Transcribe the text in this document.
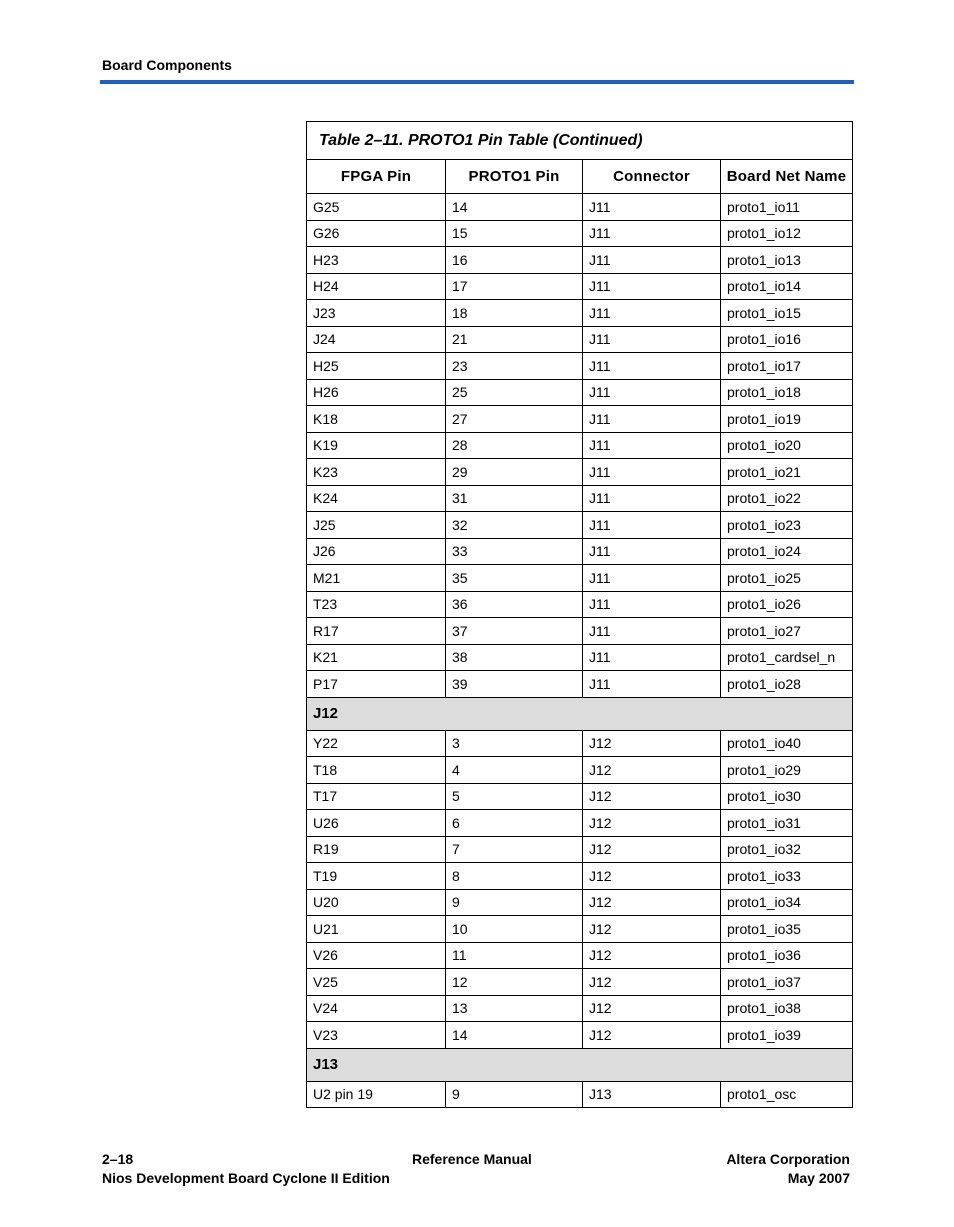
Board Components
Table 2–11. PROTO1 Pin Table (Continued)			
FPGA Pin	PROTO1 Pin	Connector	Board Net Name
G25	14	J11	proto1_io11
G26	15	J11	proto1_io12
H23	16	J11	proto1_io13
H24	17	J11	proto1_io14
J23	18	J11	proto1_io15
J24	21	J11	proto1_io16
H25	23	J11	proto1_io17
H26	25	J11	proto1_io18
K18	27	J11	proto1_io19
K19	28	J11	proto1_io20
K23	29	J11	proto1_io21
K24	31	J11	proto1_io22
J25	32	J11	proto1_io23
J26	33	J11	proto1_io24
M21	35	J11	proto1_io25
T23	36	J11	proto1_io26
R17	37	J11	proto1_io27
K21	38	J11	proto1_cardsel_n
P17	39	J11	proto1_io28
J12			
Y22	3	J12	proto1_io40
T18	4	J12	proto1_io29
T17	5	J12	proto1_io30
U26	6	J12	proto1_io31
R19	7	J12	proto1_io32
T19	8	J12	proto1_io33
U20	9	J12	proto1_io34
U21	10	J12	proto1_io35
V26	11	J12	proto1_io36
V25	12	J12	proto1_io37
V24	13	J12	proto1_io38
V23	14	J12	proto1_io39
J13			
U2 pin 19	9	J13	proto1_osc
2–18	Reference Manual	Altera Corporation
Nios Development Board Cyclone II Edition	May 2007
